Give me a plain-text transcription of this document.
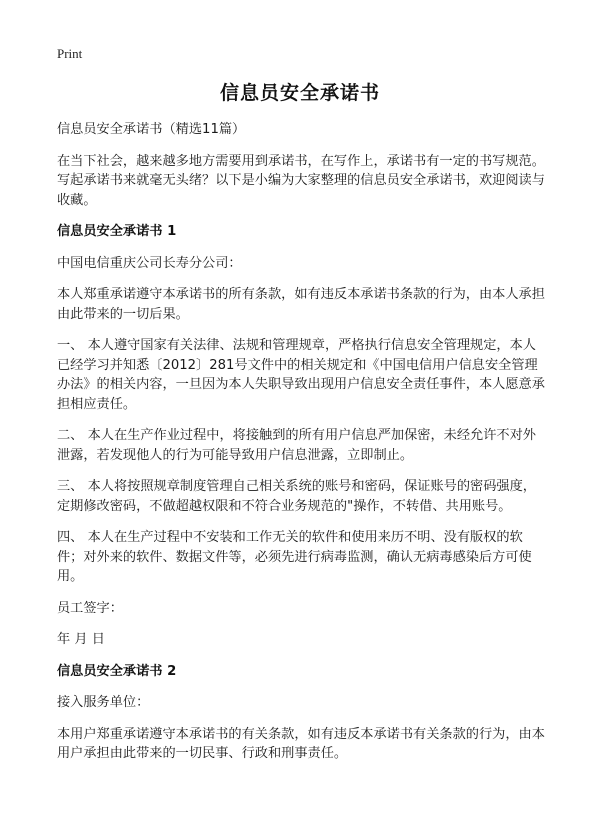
Print
信息员安全承诺书

信息员安全承诺书（精选11篇）

在当下社会，越来越多地方需要用到承诺书，在写作上，承诺书有一定的书写规范。写起承诺书来就毫无头绪？以下是小编为大家整理的信息员安全承诺书，欢迎阅读与收藏。

信息员安全承诺书 1

中国电信重庆公司长寿分公司：

本人郑重承诺遵守本承诺书的所有条款，如有违反本承诺书条款的行为，由本人承担由此带来的一切后果。

一、 本人遵守国家有关法律、法规和管理规章，严格执行信息安全管理规定，本人已经学习并知悉〔2012〕281号文件中的相关规定和《中国电信用户信息安全管理办法》的相关内容，一旦因为本人失职导致出现用户信息安全责任事件，本人愿意承担相应责任。

二、 本人在生产作业过程中，将接触到的所有用户信息严加保密，未经允许不对外泄露，若发现他人的行为可能导致用户信息泄露，立即制止。

三、 本人将按照规章制度管理自己相关系统的账号和密码，保证账号的密码强度，定期修改密码，不做超越权限和不符合业务规范的"操作，不转借、共用账号。

四、 本人在生产过程中不安装和工作无关的软件和使用来历不明、没有版权的软件；对外来的软件、数据文件等，必须先进行病毒监测，确认无病毒感染后方可使用。

员工签字：

年 月 日

信息员安全承诺书 2

接入服务单位：

本用户郑重承诺遵守本承诺书的有关条款，如有违反本承诺书有关条款的行为，由本用户承担由此带来的一切民事、行政和刑事责任。
